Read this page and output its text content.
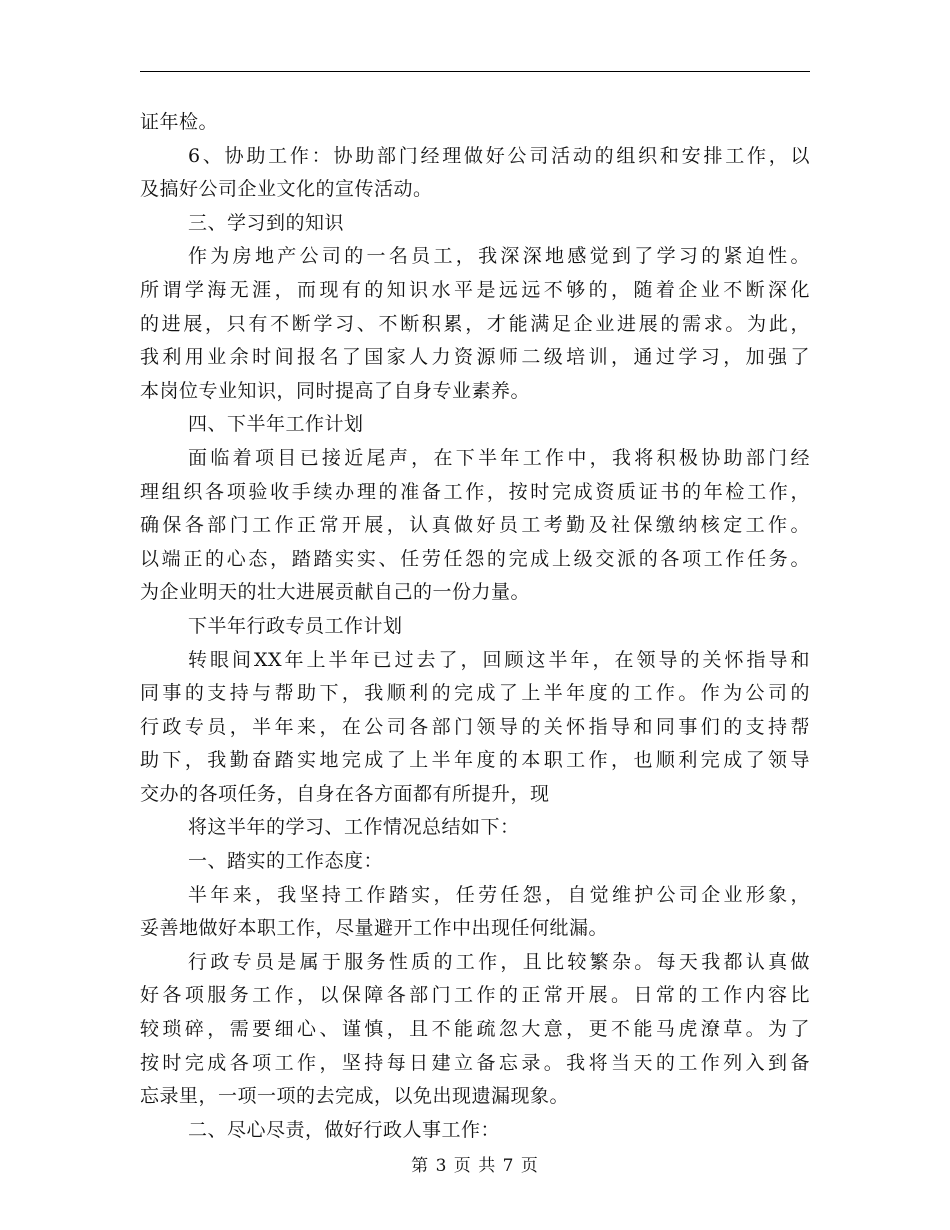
证年检。
6、协助工作：协助部门经理做好公司活动的组织和安排工作，以
及搞好公司企业文化的宣传活动。
三、学习到的知识
作为房地产公司的一名员工，我深深地感觉到了学习的紧迫性。
所谓学海无涯，而现有的知识水平是远远不够的，随着企业不断深化
的进展，只有不断学习、不断积累，才能满足企业进展的需求。为此，
我利用业余时间报名了国家人力资源师二级培训，通过学习，加强了
本岗位专业知识，同时提高了自身专业素养。
四、下半年工作计划
面临着项目已接近尾声，在下半年工作中，我将积极协助部门经
理组织各项验收手续办理的准备工作，按时完成资质证书的年检工作，
确保各部门工作正常开展，认真做好员工考勤及社保缴纳核定工作。
以端正的心态，踏踏实实、任劳任怨的完成上级交派的各项工作任务。
为企业明天的壮大进展贡献自己的一份力量。
下半年行政专员工作计划
转眼间XX年上半年已过去了，回顾这半年，在领导的关怀指导和
同事的支持与帮助下，我顺利的完成了上半年度的工作。作为公司的
行政专员，半年来，在公司各部门领导的关怀指导和同事们的支持帮
助下，我勤奋踏实地完成了上半年度的本职工作，也顺利完成了领导
交办的各项任务，自身在各方面都有所提升，现
将这半年的学习、工作情况总结如下：
一、踏实的工作态度：
半年来，我坚持工作踏实，任劳任怨，自觉维护公司企业形象，
妥善地做好本职工作，尽量避开工作中出现任何纰漏。
行政专员是属于服务性质的工作，且比较繁杂。每天我都认真做
好各项服务工作，以保障各部门工作的正常开展。日常的工作内容比
较琐碎，需要细心、谨慎，且不能疏忽大意，更不能马虎潦草。为了
按时完成各项工作，坚持每日建立备忘录。我将当天的工作列入到备
忘录里，一项一项的去完成，以免出现遗漏现象。
二、尽心尽责，做好行政人事工作：
第 3 页 共 7 页
